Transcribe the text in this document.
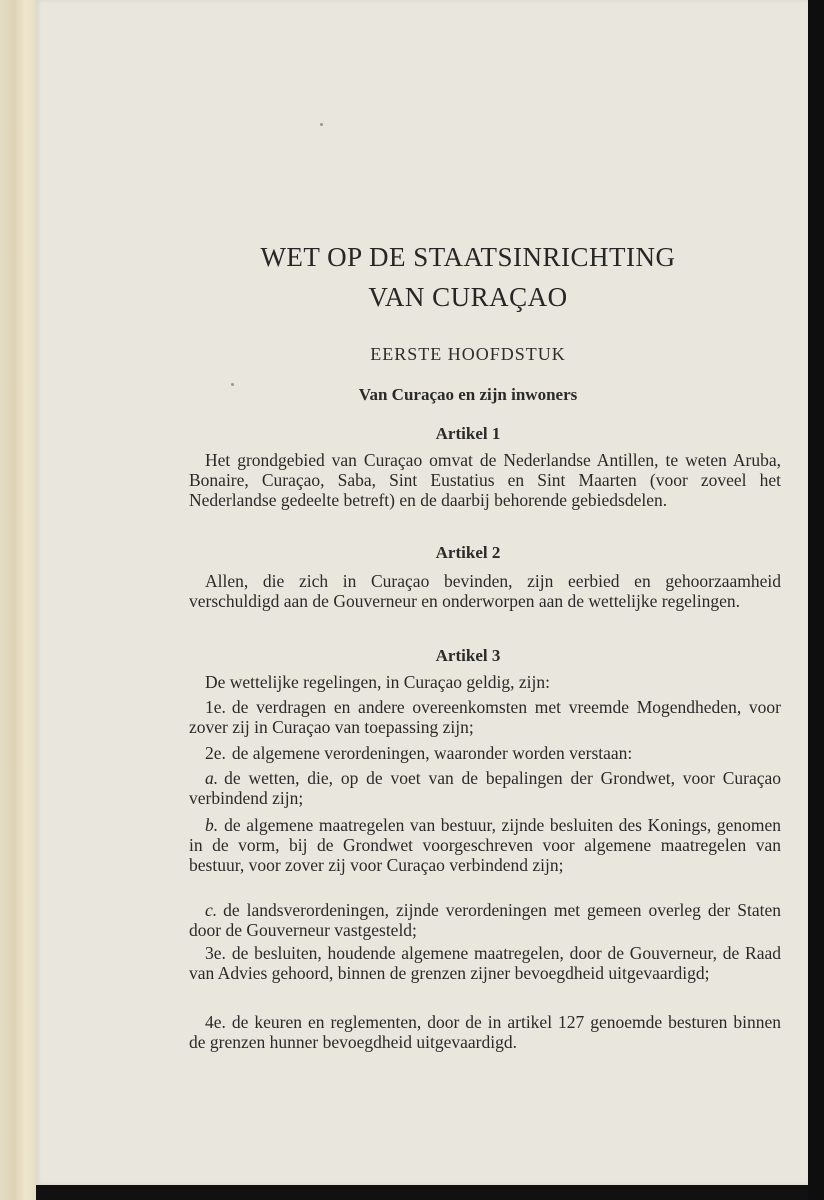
WET OP DE STAATSINRICHTING
VAN CURAÇAO
EERSTE HOOFDSTUK
Van Curaçao en zijn inwoners
Artikel 1
Het grondgebied van Curaçao omvat de Nederlandse Antillen, te weten Aruba, Bonaire, Curaçao, Saba, Sint Eustatius en Sint Maarten (voor zoveel het Nederlandse gedeelte betreft) en de daarbij behorende gebiedsdelen.
Artikel 2
Allen, die zich in Curaçao bevinden, zijn eerbied en gehoorzaamheid verschuldigd aan de Gouverneur en onderworpen aan de wettelijke regelingen.
Artikel 3
De wettelijke regelingen, in Curaçao geldig, zijn:
1e. de verdragen en andere overeenkomsten met vreemde Mogendheden, voor zover zij in Curaçao van toepassing zijn;
2e. de algemene verordeningen, waaronder worden verstaan:
a. de wetten, die, op de voet van de bepalingen der Grondwet, voor Curaçao verbindend zijn;
b. de algemene maatregelen van bestuur, zijnde besluiten des Konings, genomen in de vorm, bij de Grondwet voorgeschreven voor algemene maatregelen van bestuur, voor zover zij voor Curaçao verbindend zijn;
c. de landsverordeningen, zijnde verordeningen met gemeen overleg der Staten door de Gouverneur vastgesteld;
3e. de besluiten, houdende algemene maatregelen, door de Gouverneur, de Raad van Advies gehoord, binnen de grenzen zijner bevoegdheid uitgevaardigd;
4e. de keuren en reglementen, door de in artikel 127 genoemde besturen binnen de grenzen hunner bevoegdheid uitgevaardigd.
